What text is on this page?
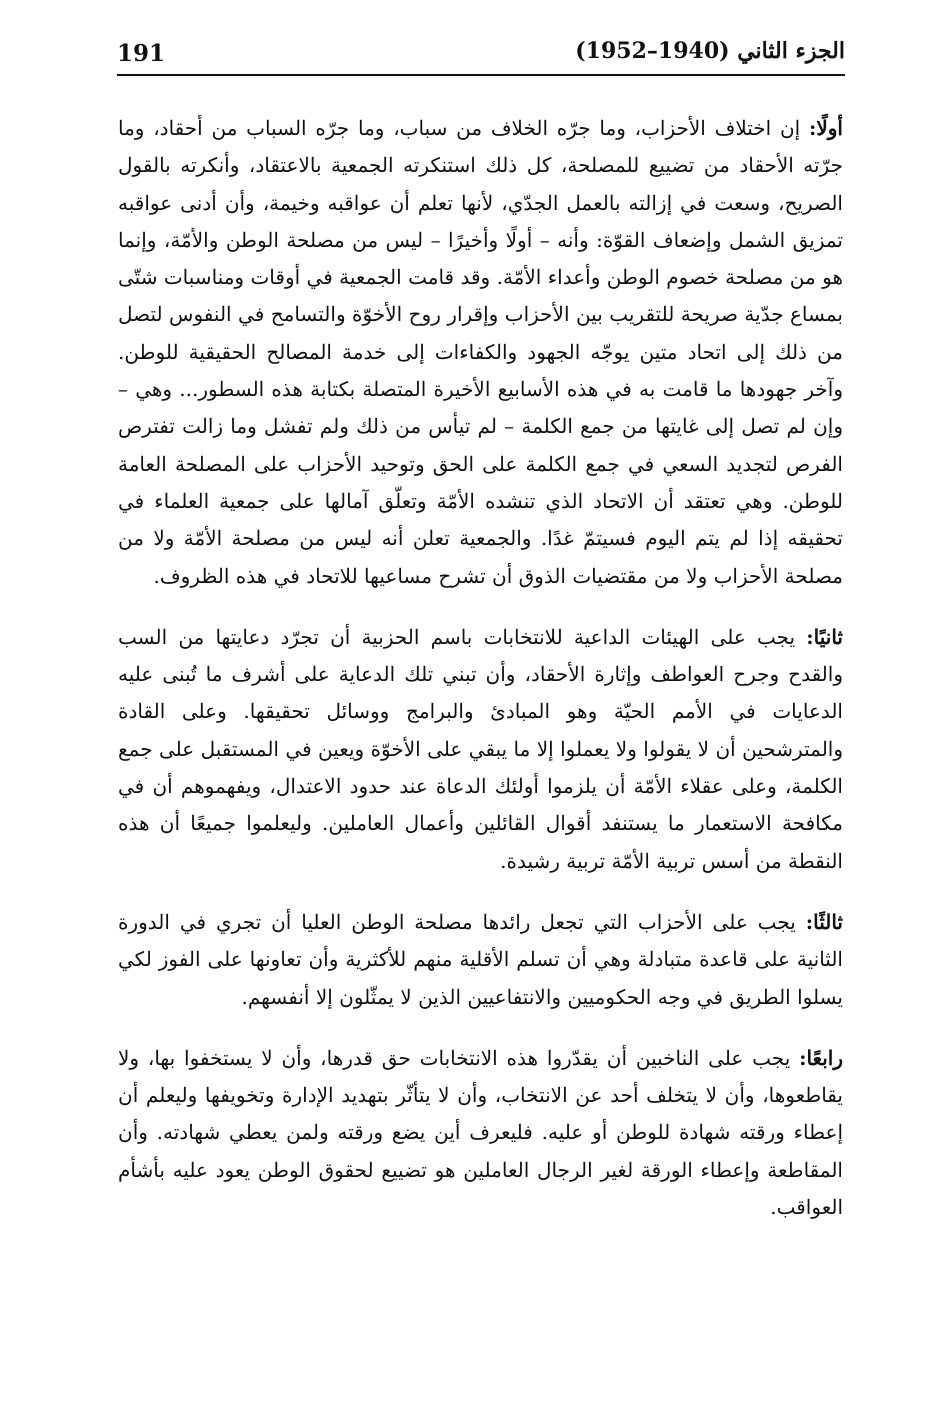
191	الجزء الثاني (1940–1952)

أولًا: إن اختلاف الأحزاب، وما جرّه الخلاف من سباب، وما جرّه السباب من أحقاد، وما جرّته الأحقاد من تضييع للمصلحة، كل ذلك استنكرته الجمعية بالاعتقاد، وأنكرته بالقول الصريح، وسعت في إزالته بالعمل الجدّي، لأنها تعلم أن عواقبه وخيمة، وأن أدنى عواقبه تمزيق الشمل وإضعاف القوّة: وأنه – أولًا وأخيرًا – ليس من مصلحة الوطن والأمّة، وإنما هو من مصلحة خصوم الوطن وأعداء الأمّة. وقد قامت الجمعية في أوقات ومناسبات شتّى بمساع جدّية صريحة للتقريب بين الأحزاب وإقرار روح الأخوّة والتسامح في النفوس لتصل من ذلك إلى اتحاد متين يوجّه الجهود والكفاءات إلى خدمة المصالح الحقيقية للوطن. وآخر جهودها ما قامت به في هذه الأسابيع الأخيرة المتصلة بكتابة هذه السطور... وهي – وإن لم تصل إلى غايتها من جمع الكلمة – لم تيأس من ذلك ولم تفشل وما زالت تفترص الفرص لتجديد السعي في جمع الكلمة على الحق وتوحيد الأحزاب على المصلحة العامة للوطن. وهي تعتقد أن الاتحاد الذي تنشده الأمّة وتعلّق آمالها على جمعية العلماء في تحقيقه إذا لم يتم اليوم فسيتمّ غدًا. والجمعية تعلن أنه ليس من مصلحة الأمّة ولا من مصلحة الأحزاب ولا من مقتضيات الذوق أن تشرح مساعيها للاتحاد في هذه الظروف.

ثانيًا: يجب على الهيئات الداعية للانتخابات باسم الحزبية أن تجرّد دعايتها من السب والقدح وجرح العواطف وإثارة الأحقاد، وأن تبني تلك الدعاية على أشرف ما تُبنى عليه الدعايات في الأمم الحيّة وهو المبادئ والبرامج ووسائل تحقيقها. وعلى القادة والمترشحين أن لا يقولوا ولا يعملوا إلا ما يبقي على الأخوّة ويعين في المستقبل على جمع الكلمة، وعلى عقلاء الأمّة أن يلزموا أولئك الدعاة عند حدود الاعتدال، ويفهموهم أن في مكافحة الاستعمار ما يستنفد أقوال القائلين وأعمال العاملين. وليعلموا جميعًا أن هذه النقطة من أسس تربية الأمّة تربية رشيدة.

ثالثًا: يجب على الأحزاب التي تجعل رائدها مصلحة الوطن العليا أن تجري في الدورة الثانية على قاعدة متبادلة وهي أن تسلم الأقلية منهم للأكثرية وأن تعاونها على الفوز لكي يسلوا الطريق في وجه الحكوميين والانتفاعيين الذين لا يمثّلون إلا أنفسهم.

رابعًا: يجب على الناخبين أن يقدّروا هذه الانتخابات حق قدرها، وأن لا يستخفوا بها، ولا يقاطعوها، وأن لا يتخلف أحد عن الانتخاب، وأن لا يتأثّر بتهديد الإدارة وتخويفها وليعلم أن إعطاء ورقته شهادة للوطن أو عليه. فليعرف أين يضع ورقته ولمن يعطي شهادته. وأن المقاطعة وإعطاء الورقة لغير الرجال العاملين هو تضييع لحقوق الوطن يعود عليه بأشأم العواقب.
